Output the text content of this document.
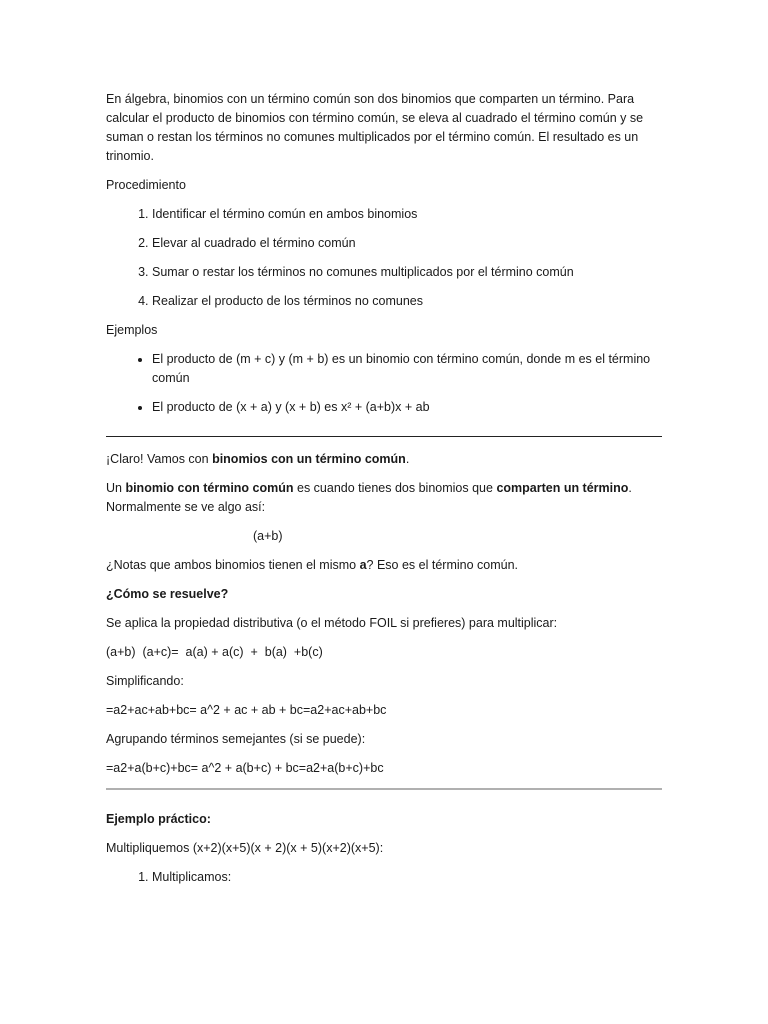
En álgebra, binomios con un término común son dos binomios que comparten un término. Para calcular el producto de binomios con término común, se eleva al cuadrado el término común y se suman o restan los términos no comunes multiplicados por el término común. El resultado es un trinomio.

Procedimiento

1. Identificar el término común en ambos binomios
2. Elevar al cuadrado el término común
3. Sumar o restar los términos no comunes multiplicados por el término común
4. Realizar el producto de los términos no comunes

Ejemplos

• El producto de (m + c) y (m + b) es un binomio con término común, donde m es el término común
• El producto de (x + a) y (x + b) es x² + (a+b)x + ab

¡Claro! Vamos con binomios con un término común.

Un binomio con término común es cuando tienes dos binomios que comparten un término. Normalmente se ve algo así:

(a+b)

¿Notas que ambos binomios tienen el mismo a? Eso es el término común.

¿Cómo se resuelve?

Se aplica la propiedad distributiva (o el método FOIL si prefieres) para multiplicar:

(a+b)  (a+c)=  a(a) + a(c)  +  b(a)  +b(c)

Simplificando:

=a2+ac+ab+bc= a^2 + ac + ab + bc=a2+ac+ab+bc

Agrupando términos semejantes (si se puede):

=a2+a(b+c)+bc= a^2 + a(b+c) + bc=a2+a(b+c)+bc

Ejemplo práctico:

Multipliquemos (x+2)(x+5)(x + 2)(x + 5)(x+2)(x+5):

1. Multiplicamos:
